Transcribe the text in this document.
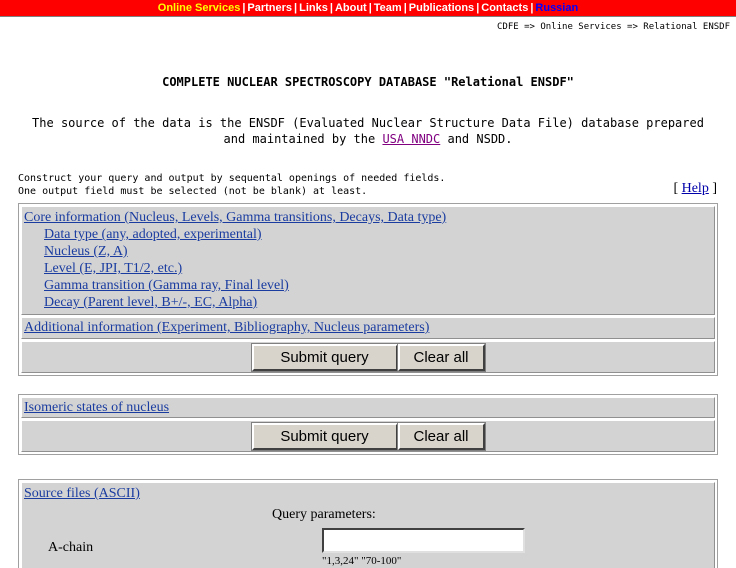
Online Services | Partners | Links | About | Team | Publications | Contacts | Russian
CDFE => Online Services => Relational ENSDF
COMPLETE NUCLEAR SPECTROSCOPY DATABASE "Relational ENSDF"
The source of the data is the ENSDF (Evaluated Nuclear Structure Data File) database prepared and maintained by the USA NNDC and NSDD.
Construct your query and output by sequental openings of needed fields.
One output field must be selected (not be blank) at least.	[ Help ]
Core information (Nucleus, Levels, Gamma transitions, Decays, Data type)
Data type (any, adopted, experimental)
Nucleus (Z, A)
Level (E, JPI, T1/2, etc.)
Gamma transition (Gamma ray, Final level)
Decay (Parent level, B+/-, EC, Alpha)
Additional information (Experiment, Bibliography, Nucleus parameters)
Submit query	Clear all
Isomeric states of nucleus
Submit query	Clear all
Source files (ASCII)
Query parameters:
A-chain
"1,3,24" "70-100"
